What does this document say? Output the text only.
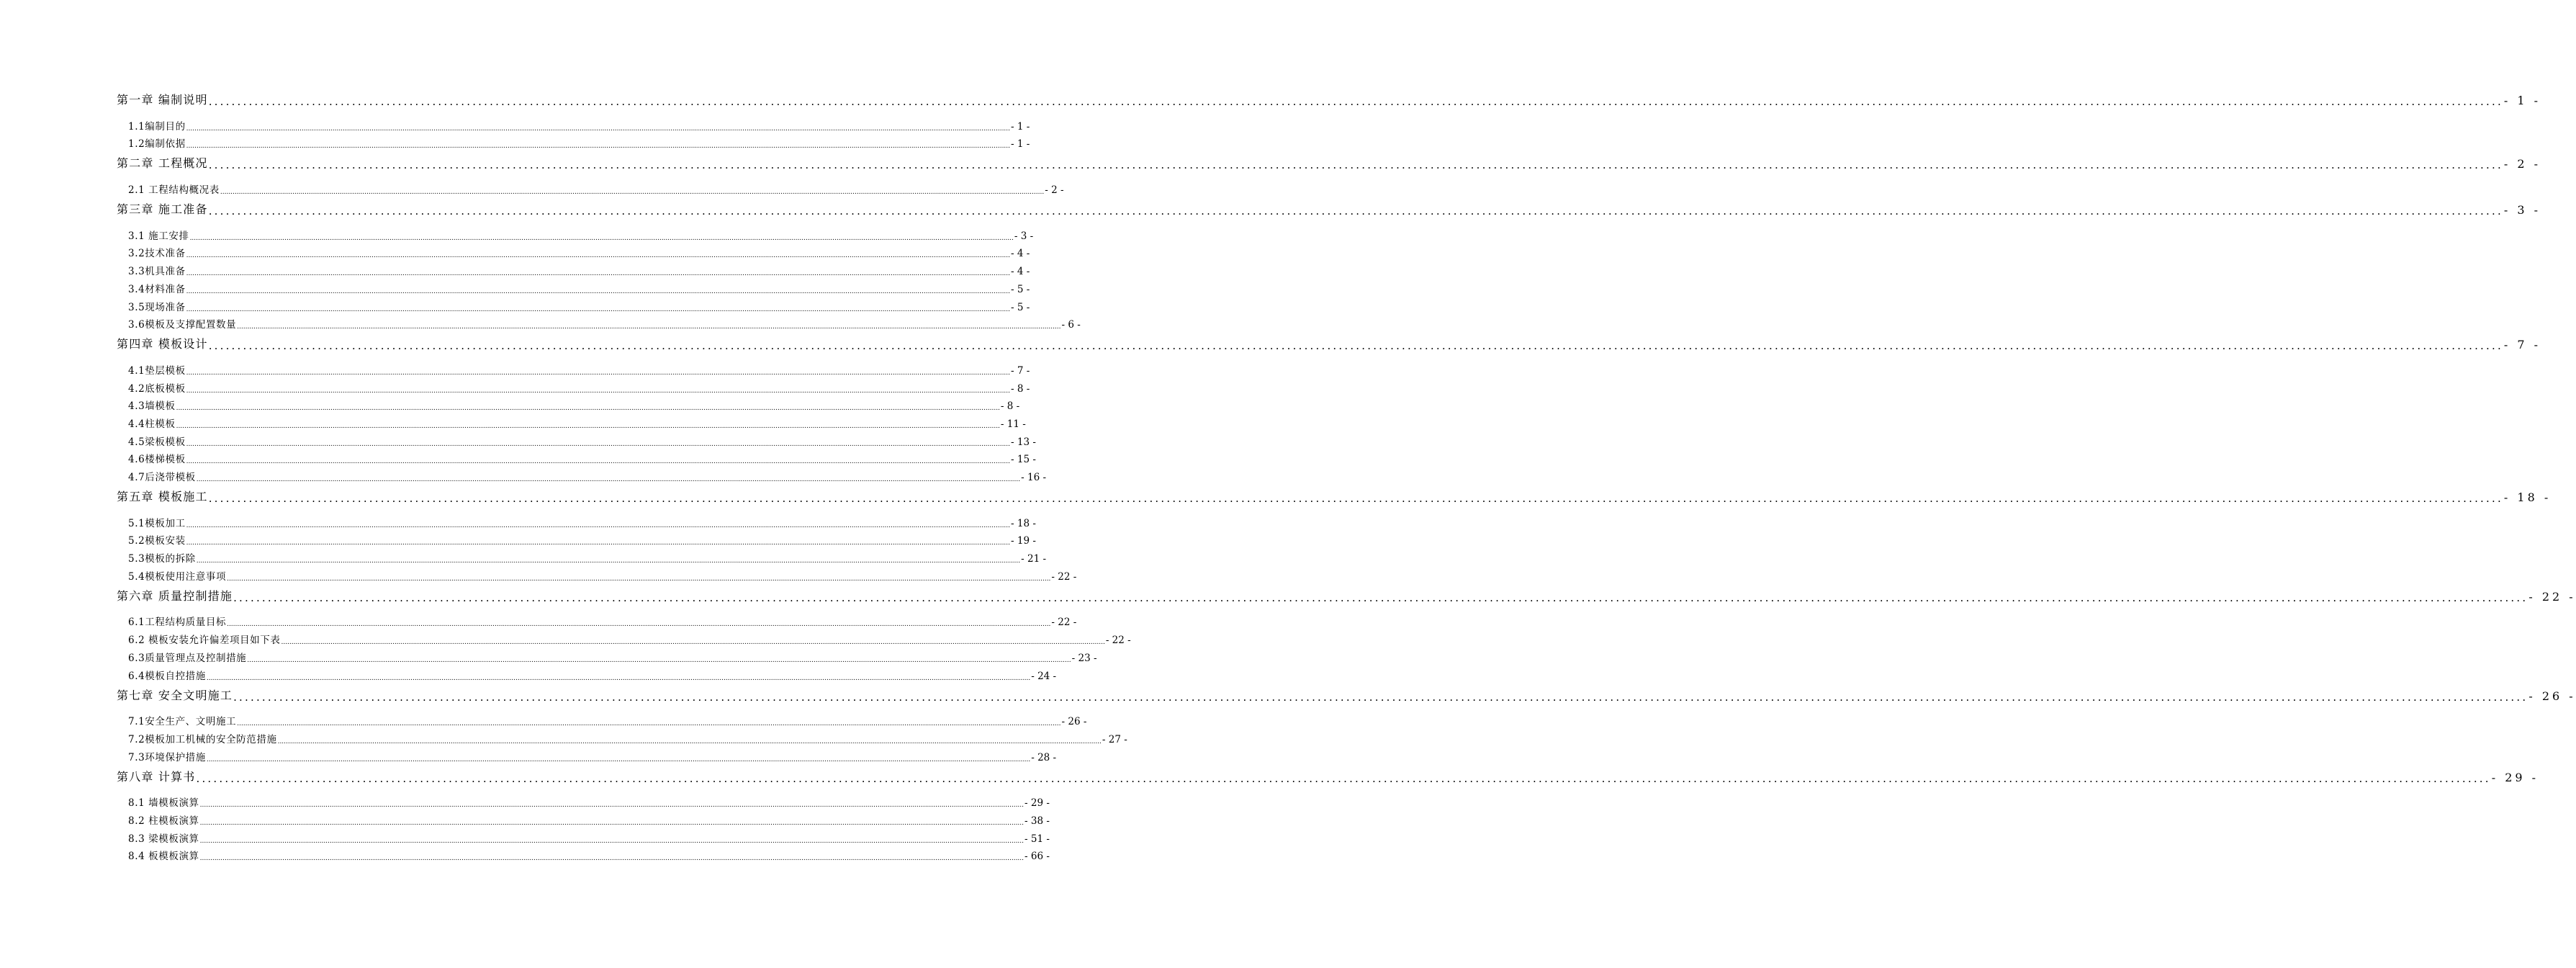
第一章 编制说明 ................................................................................................................................................................................................................................................................................................................................................................................................................ - 1 -
1.1编制目的 ................................................................................................................................................................................................................................................................................................................................................................................................................ - 1 -
1.2编制依据 ................................................................................................................................................................................................................................................................................................................................................................................................................ - 1 -
第二章 工程概况 ................................................................................................................................................................................................................................................................................................................................................................................................................ - 2 -
2.1 工程结构概况表 ................................................................................................................................................................................................................................................................................................................................................................................................................ - 2 -
第三章 施工准备 ................................................................................................................................................................................................................................................................................................................................................................................................................ - 3 -
3.1 施工安排 ................................................................................................................................................................................................................................................................................................................................................................................................................ - 3 -
3.2技术准备 ................................................................................................................................................................................................................................................................................................................................................................................................................ - 4 -
3.3机具准备 ................................................................................................................................................................................................................................................................................................................................................................................................................ - 4 -
3.4材料准备 ................................................................................................................................................................................................................................................................................................................................................................................................................ - 5 -
3.5现场准备 ................................................................................................................................................................................................................................................................................................................................................................................................................ - 5 -
3.6模板及支撑配置数量 ................................................................................................................................................................................................................................................................................................................................................................................................................ - 6 -
第四章 模板设计 ................................................................................................................................................................................................................................................................................................................................................................................................................ - 7 -
4.1垫层模板 ................................................................................................................................................................................................................................................................................................................................................................................................................ - 7 -
4.2底板模板 ................................................................................................................................................................................................................................................................................................................................................................................................................ - 8 -
4.3墙模板 ................................................................................................................................................................................................................................................................................................................................................................................................................ - 8 -
4.4柱模板 ................................................................................................................................................................................................................................................................................................................................................................................................................ - 11 -
4.5梁板模板 ................................................................................................................................................................................................................................................................................................................................................................................................................ - 13 -
4.6楼梯模板 ................................................................................................................................................................................................................................................................................................................................................................................................................ - 15 -
4.7后浇带模板 ................................................................................................................................................................................................................................................................................................................................................................................................................ - 16 -
第五章 模板施工 ................................................................................................................................................................................................................................................................................................................................................................................................................ - 18 -
5.1模板加工 ................................................................................................................................................................................................................................................................................................................................................................................................................ - 18 -
5.2模板安装 ................................................................................................................................................................................................................................................................................................................................................................................................................ - 19 -
5.3模板的拆除 ................................................................................................................................................................................................................................................................................................................................................................................................................ - 21 -
5.4模板使用注意事项 ................................................................................................................................................................................................................................................................................................................................................................................................................ - 22 -
第六章 质量控制措施 ................................................................................................................................................................................................................................................................................................................................................................................................................ - 22 -
6.1工程结构质量目标 ................................................................................................................................................................................................................................................................................................................................................................................................................ - 22 -
6.2 模板安装允许偏差项目如下表 ................................................................................................................................................................................................................................................................................................................................................................................................................ - 22 -
6.3质量管理点及控制措施 ................................................................................................................................................................................................................................................................................................................................................................................................................ - 23 -
6.4模板自控措施 ................................................................................................................................................................................................................................................................................................................................................................................................................ - 24 -
第七章 安全文明施工 ................................................................................................................................................................................................................................................................................................................................................................................................................ - 26 -
7.1安全生产、文明施工 ................................................................................................................................................................................................................................................................................................................................................................................................................ - 26 -
7.2模板加工机械的安全防范措施 ................................................................................................................................................................................................................................................................................................................................................................................................................ - 27 -
7.3环境保护措施 ................................................................................................................................................................................................................................................................................................................................................................................................................ - 28 -
第八章 计算书 ................................................................................................................................................................................................................................................................................................................................................................................................................ - 29 -
8.1 墙模板演算 ................................................................................................................................................................................................................................................................................................................................................................................................................ - 29 -
8.2 柱模板演算 ................................................................................................................................................................................................................................................................................................................................................................................................................ - 38 -
8.3 梁模板演算 ................................................................................................................................................................................................................................................................................................................................................................................................................ - 51 -
8.4 板模板演算 ................................................................................................................................................................................................................................................................................................................................................................................................................ - 66 -
